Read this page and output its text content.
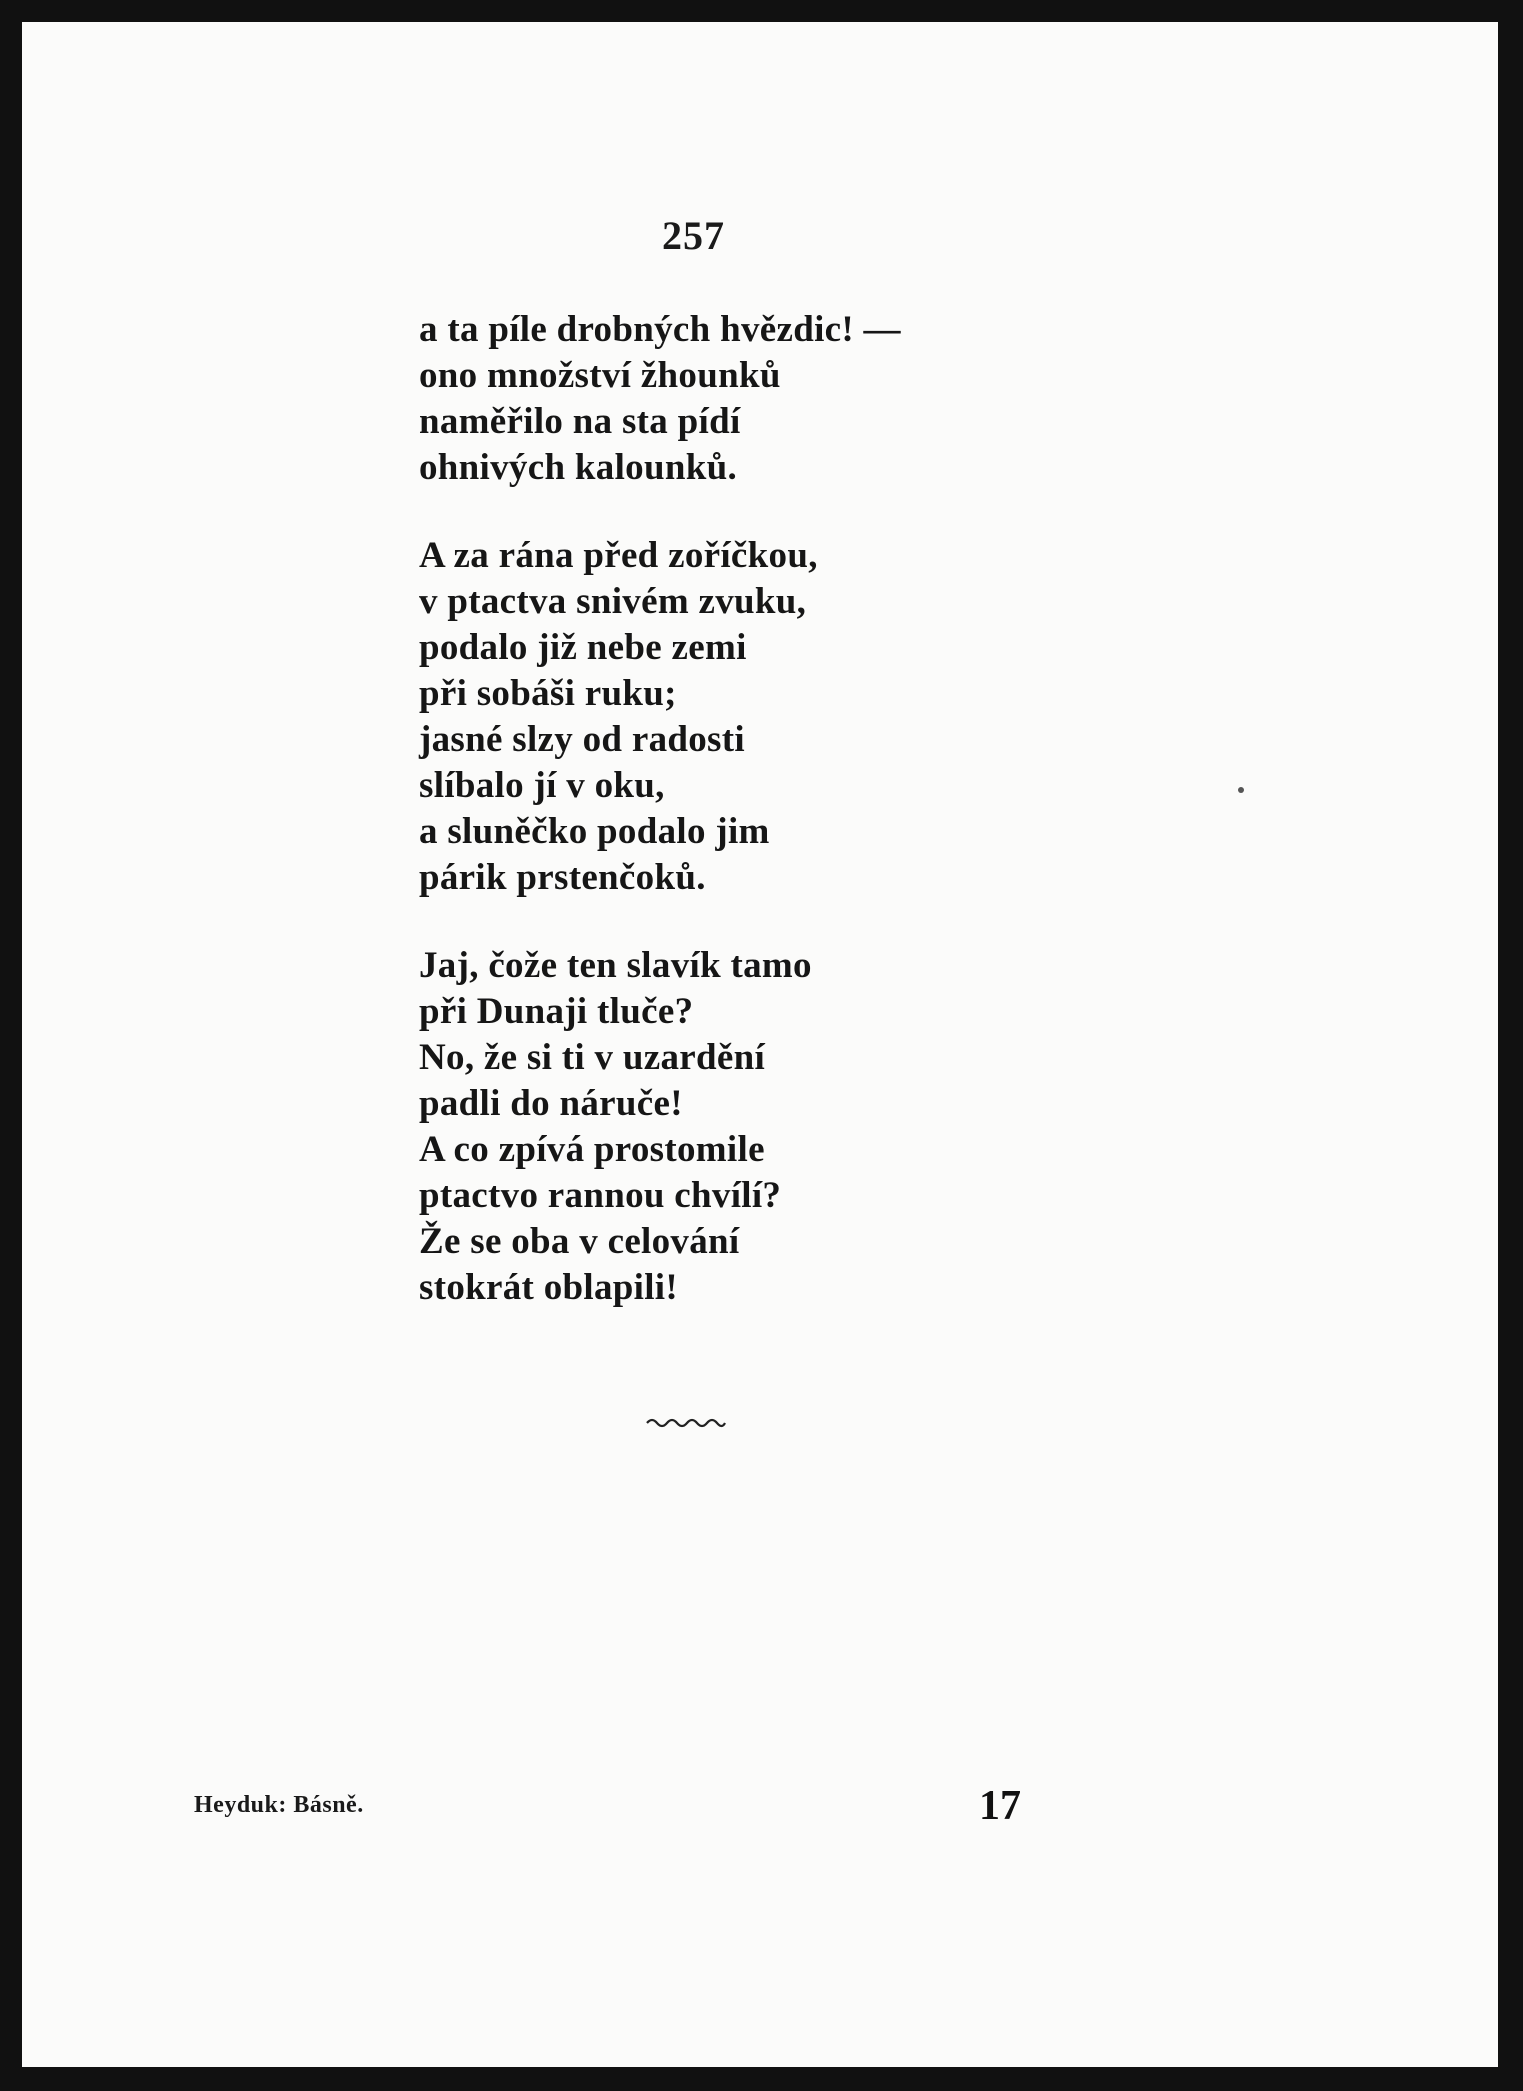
257
a ta píle drobných hvězdic! —
ono množství žhounků
naměřilo na sta pídí
ohnivých kalounků.
A za rána před zoříčkou,
v ptactva snivém zvuku,
podalo již nebe zemi
při sobáši ruku;
jasné slzy od radosti
slíbalo jí v oku,
a sluněčko podalo jim
párik prstenčoků.
Jaj, čože ten slavík tamo
při Dunaji tluče?
No, že si ti v uzardění
padli do náruče!
A co zpívá prostomile
ptactvo rannou chvílí?
Že se oba v celování
stokrát oblapili!
Heyduk: Básně.	17
